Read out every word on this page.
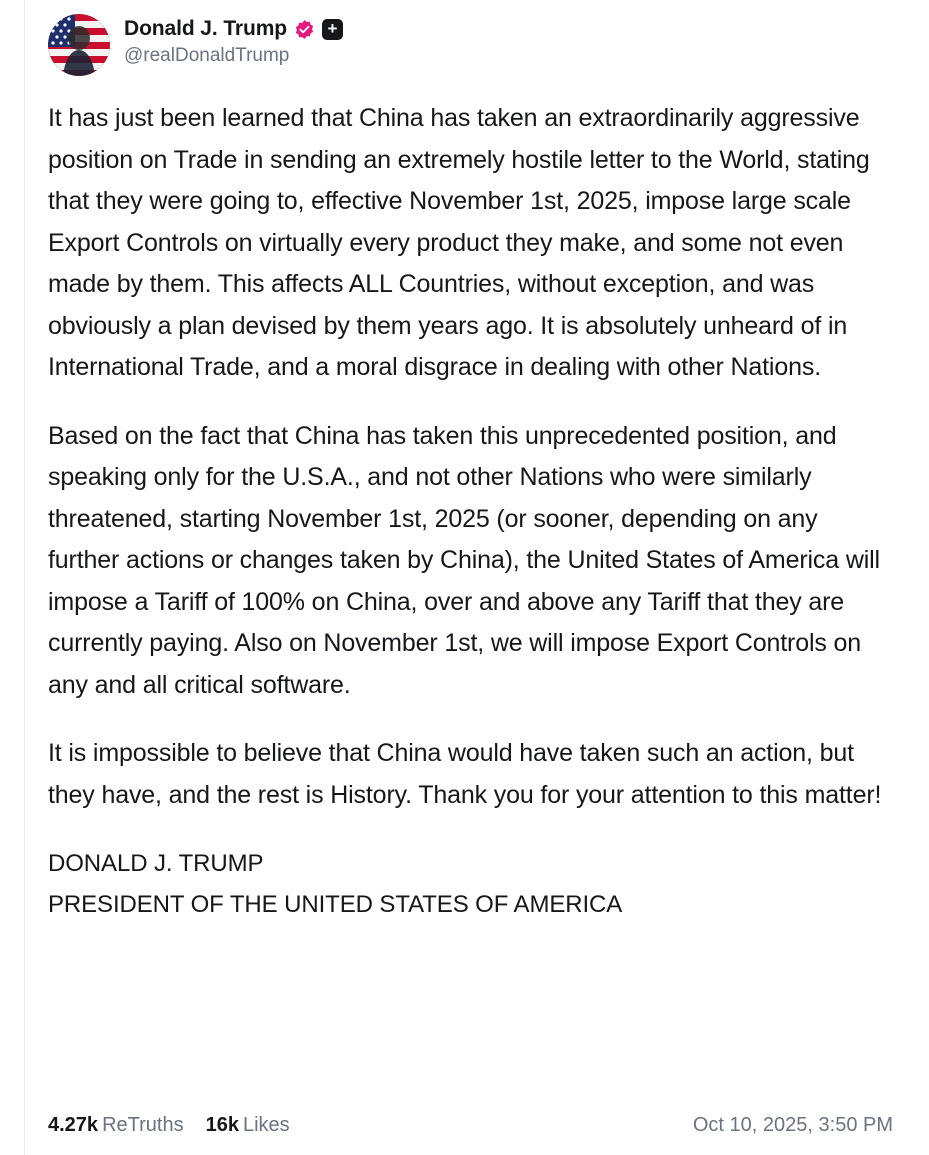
Donald J. Trump	+
@realDonaldTrump

It has just been learned that China has taken an extraordinarily aggressive position on Trade in sending an extremely hostile letter to the World, stating that they were going to, effective November 1st, 2025, impose large scale Export Controls on virtually every product they make, and some not even made by them. This affects ALL Countries, without exception, and was obviously a plan devised by them years ago. It is absolutely unheard of in International Trade, and a moral disgrace in dealing with other Nations.

Based on the fact that China has taken this unprecedented position, and speaking only for the U.S.A., and not other Nations who were similarly threatened, starting November 1st, 2025 (or sooner, depending on any further actions or changes taken by China), the United States of America will impose a Tariff of 100% on China, over and above any Tariff that they are currently paying. Also on November 1st, we will impose Export Controls on any and all critical software.

It is impossible to believe that China would have taken such an action, but they have, and the rest is History. Thank you for your attention to this matter!

DONALD J. TRUMP

PRESIDENT OF THE UNITED STATES OF AMERICA

4.27k ReTruths 16k Likes	Oct 10, 2025, 3:50 PM
